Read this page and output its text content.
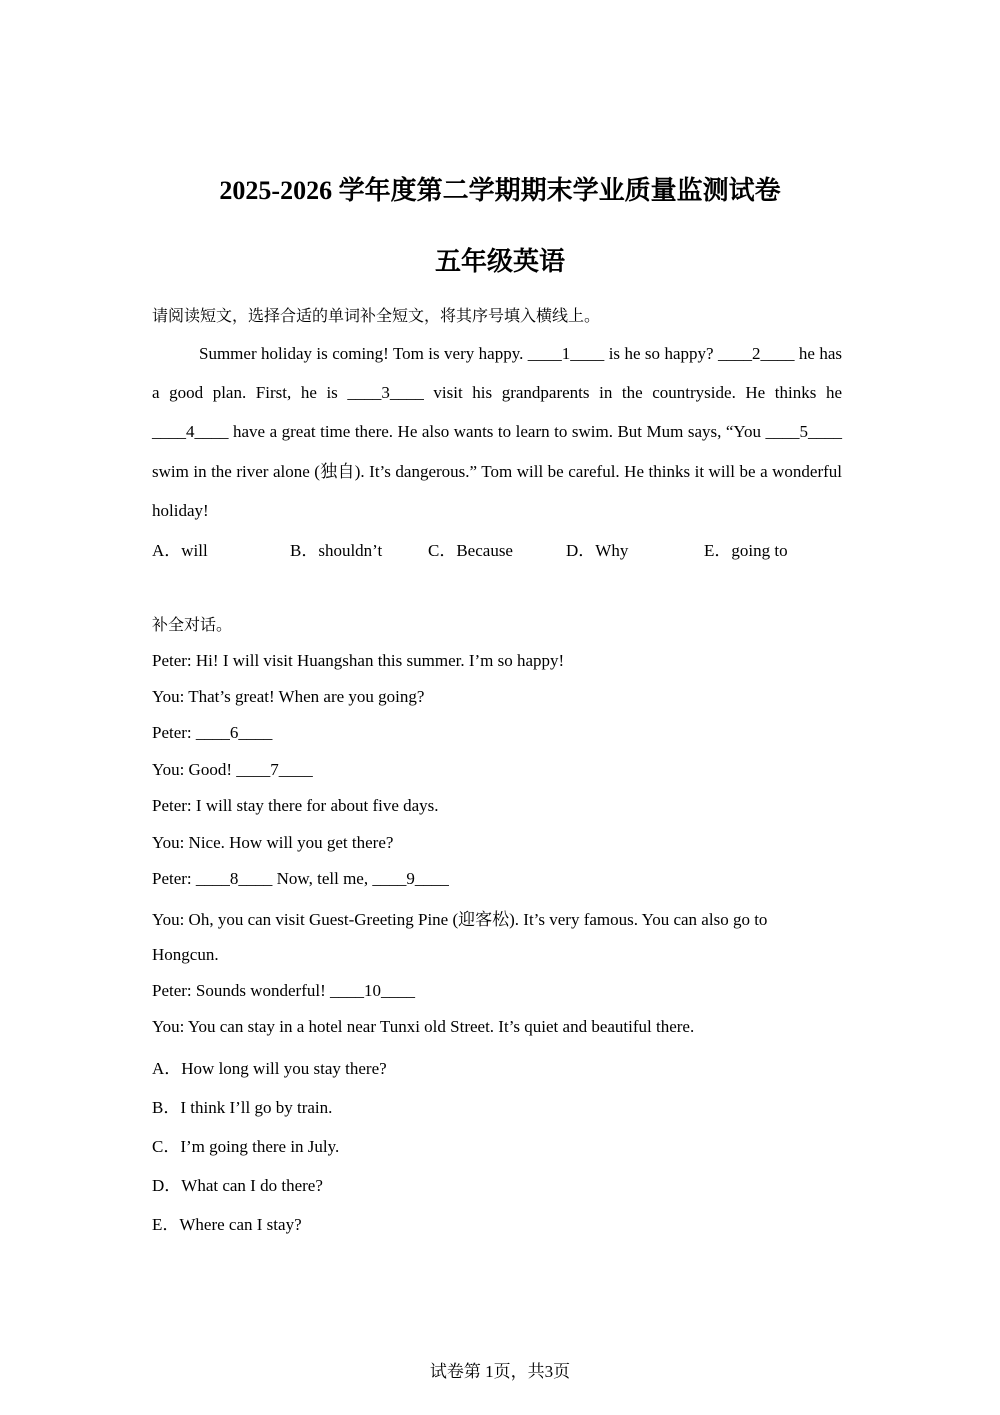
2025-2026 学年度第二学期期末学业质量监测试卷
五年级英语
请阅读短文，选择合适的单词补全短文，将其序号填入横线上。
Summer holiday is coming! Tom is very happy. ____1____ is he so happy? ____2____ he has a good plan. First, he is ____3____ visit his grandparents in the countryside. He thinks he ____4____ have a great time there. He also wants to learn to swim. But Mum says, “You ____5____ swim in the river alone (独自). It’s dangerous.” Tom will be careful. He thinks it will be a wonderful holiday!
A．will	B．shouldn’t	C．Because	D．Why	E．going to
补全对话。
Peter: Hi! I will visit Huangshan this summer. I’m so happy!
You: That’s great! When are you going?
Peter: ____6____
You: Good! ____7____
Peter: I will stay there for about five days.
You: Nice. How will you get there?
Peter: ____8____ Now, tell me, ____9____
You: Oh, you can visit Guest-Greeting Pine (迎客松). It’s very famous. You can also go to
Hongcun.
Peter: Sounds wonderful! ____10____
You: You can stay in a hotel near Tunxi old Street. It’s quiet and beautiful there.
A．How long will you stay there?
B．I think I’ll go by train.
C．I’m going there in July.
D．What can I do there?
E．Where can I stay?
试卷第 1页，共3页
